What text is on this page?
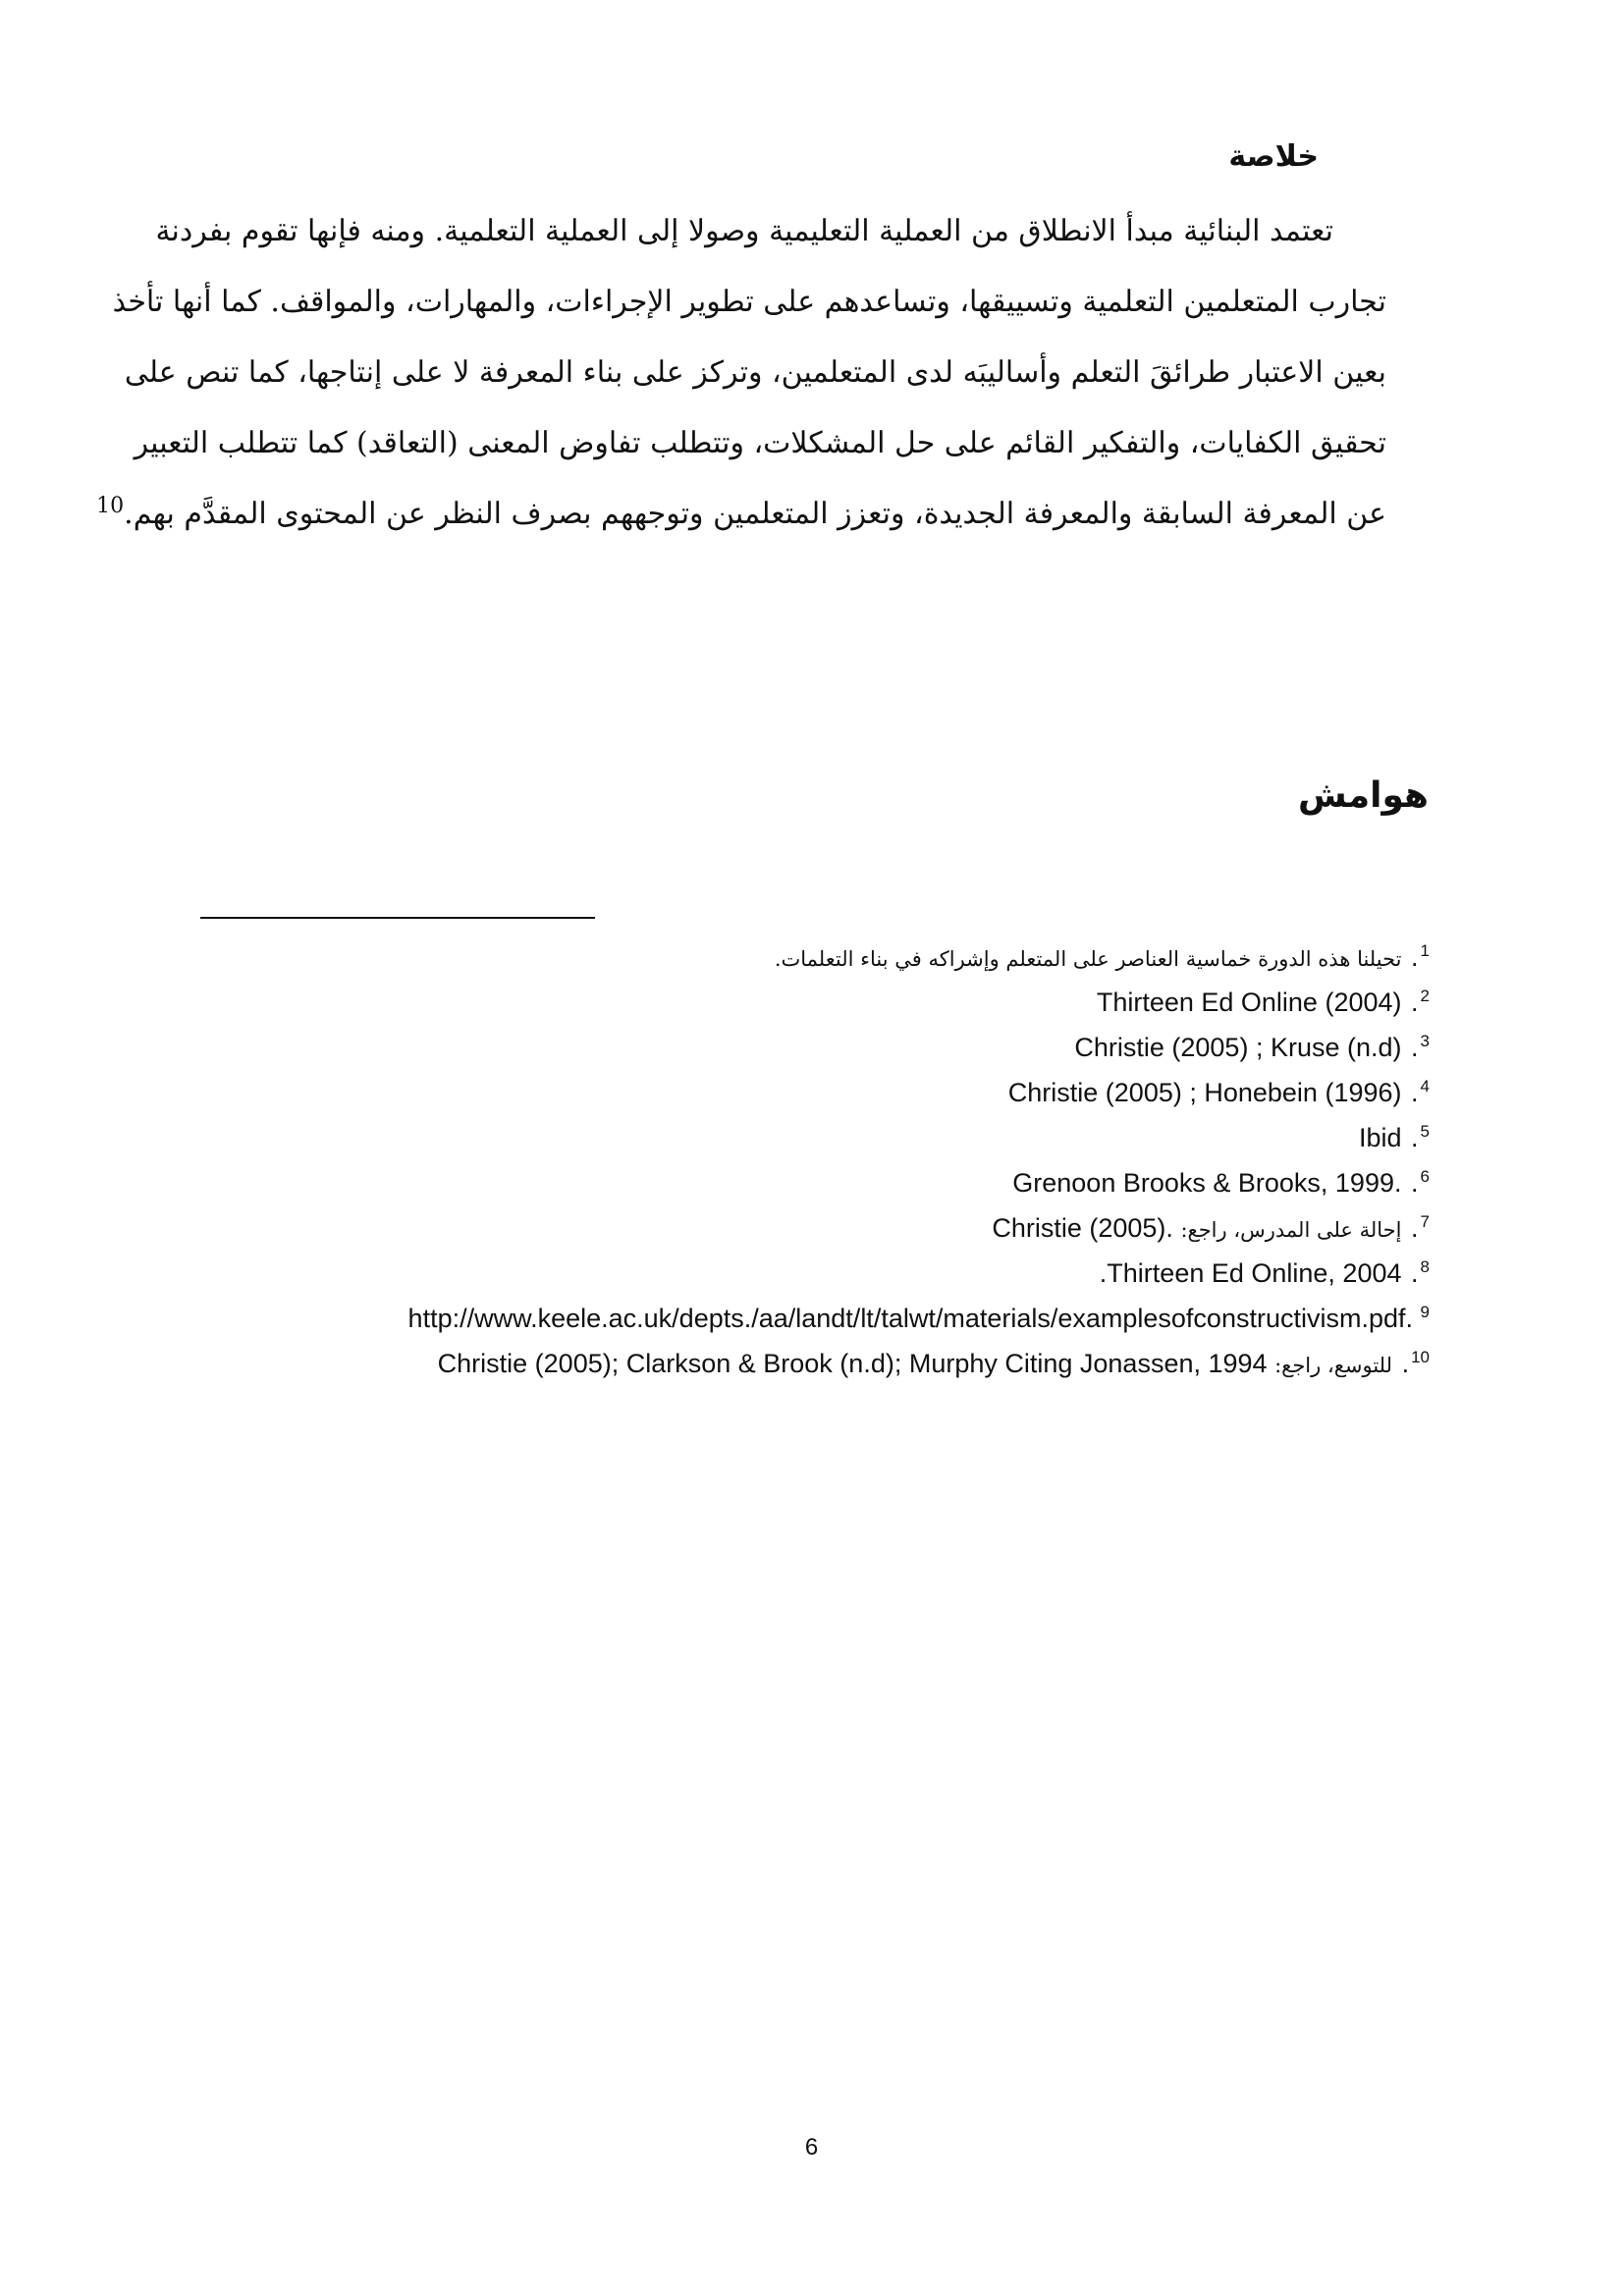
خلاصة
تعتمد البنائية مبدأ الانطلاق من العملية التعليمية وصولا إلى العملية التعلمية. ومنه فإنها تقوم بفردنة
تجارب المتعلمين التعلمية وتسييقها، وتساعدهم على تطوير الإجراءات، والمهارات، والمواقف. كما أنها تأخذ
بعين الاعتبار طرائقَ التعلم وأساليبَه لدى المتعلمين، وتركز على بناء المعرفة لا على إنتاجها، كما تنص على
تحقيق الكفايات، والتفكير القائم على حل المشكلات، وتتطلب تفاوض المعنى (التعاقد) كما تتطلب التعبير
عن المعرفة السابقة والمعرفة الجديدة، وتعزز المتعلمين وتوجههم بصرف النظر عن المحتوى المقدَّم بهم.$^{10}$
هوامش
$^1$. تحيلنا هذه الدورة خماسية العناصر على المتعلم وإشراكه في بناء التعلمات.
$^2$. Thirteen Ed Online (2004)
$^3$. Christie (2005) ; Kruse (n.d)
$^4$. Christie (2005) ; Honebein (1996)
$^5$. Ibid
$^6$. Grenoon Brooks & Brooks, 1999.
$^7$. إحالة على المدرس، راجع: Christie (2005).
$^8$. .Thirteen Ed Online, 2004
$^9$ http://www.keele.ac.uk/depts./aa/landt/lt/talwt/materials/examplesofconstructivism.pdf.
$^{10}$. للتوسع، راجع: Christie (2005); Clarkson & Brook (n.d); Murphy Citing Jonassen, 1994
6
